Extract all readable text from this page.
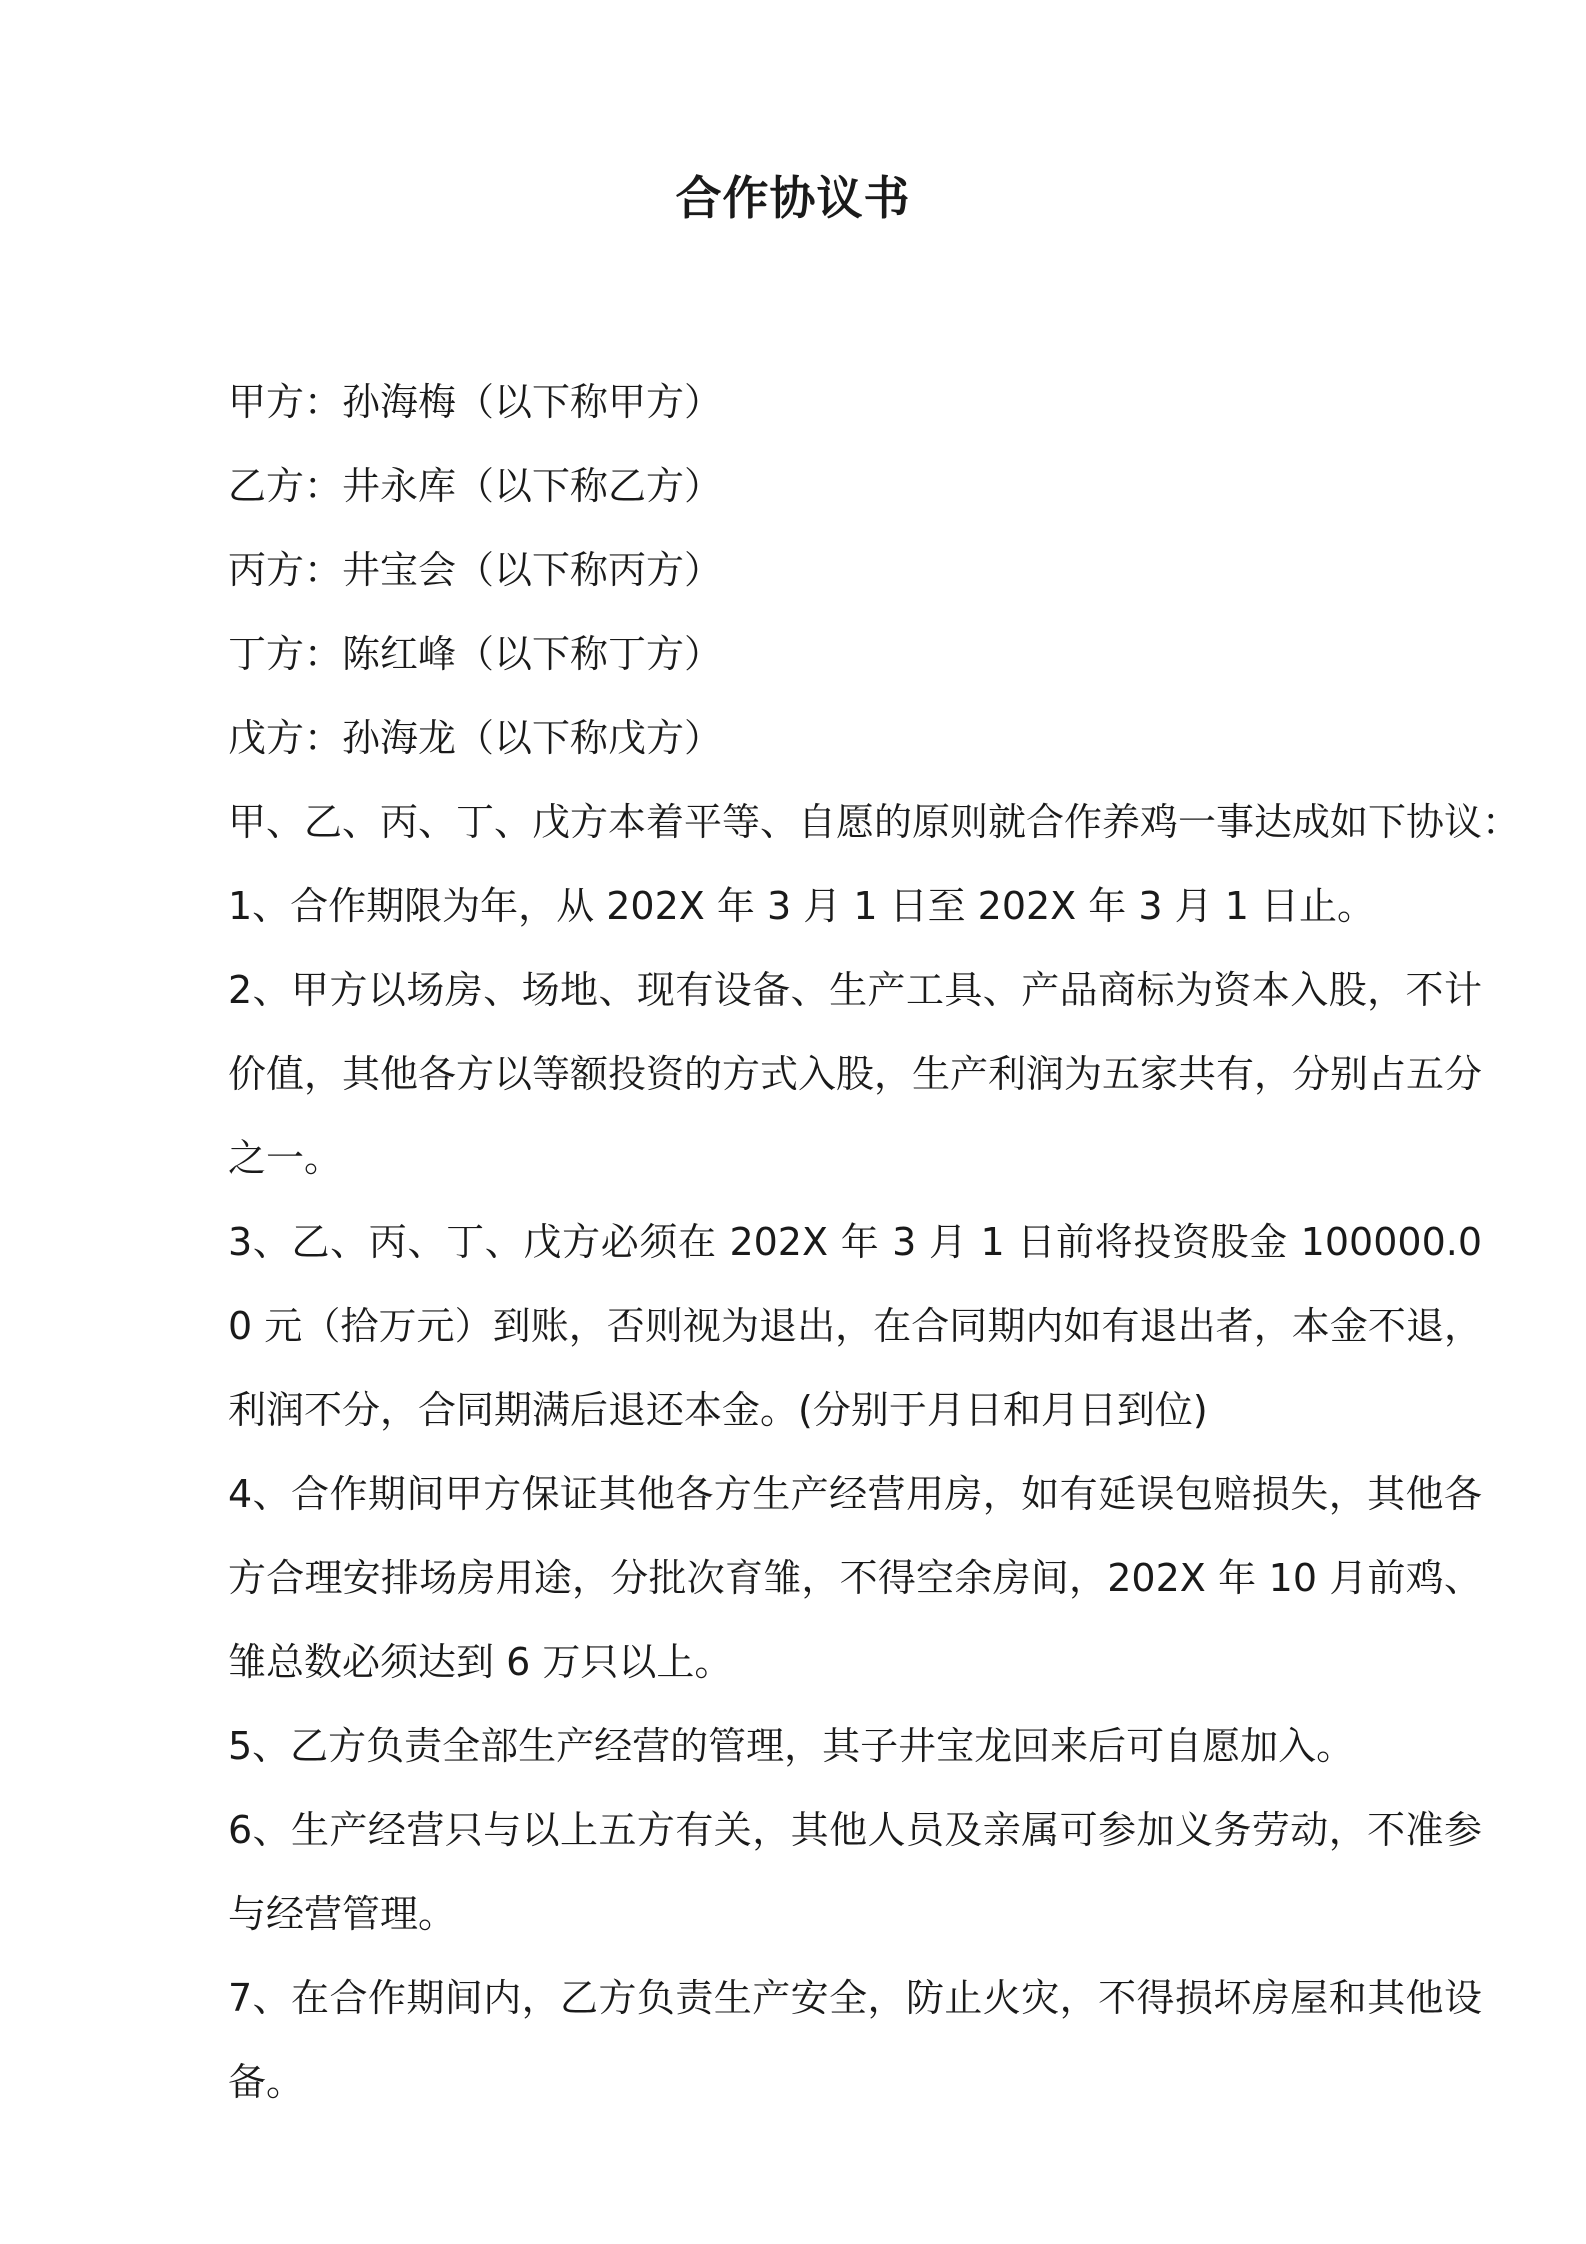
合作协议书

甲方：孙海梅（以下称甲方）

乙方：井永库（以下称乙方）

丙方：井宝会（以下称丙方）

丁方：陈红峰（以下称丁方）

戊方：孙海龙（以下称戊方）

甲、乙、丙、丁、戊方本着平等、自愿的原则就合作养鸡一事达成如下协议：

1、合作期限为年，从 202X 年 3 月 1 日至 202X 年 3 月 1 日止。

2、甲方以场房、场地、现有设备、生产工具、产品商标为资本入股，不计价值，其他各方以等额投资的方式入股，生产利润为五家共有，分别占五分之一。

3、乙、丙、丁、戊方必须在 202X 年 3 月 1 日前将投资股金 100000.00 元（拾万元）到账，否则视为退出，在合同期内如有退出者，本金不退，利润不分，合同期满后退还本金。(分别于月日和月日到位)

4、合作期间甲方保证其他各方生产经营用房，如有延误包赔损失，其他各方合理安排场房用途，分批次育雏，不得空余房间，202X 年 10 月前鸡、雏总数必须达到 6 万只以上。

5、乙方负责全部生产经营的管理，其子井宝龙回来后可自愿加入。

6、生产经营只与以上五方有关，其他人员及亲属可参加义务劳动，不准参与经营管理。

7、在合作期间内，乙方负责生产安全，防止火灾，不得损坏房屋和其他设备。
